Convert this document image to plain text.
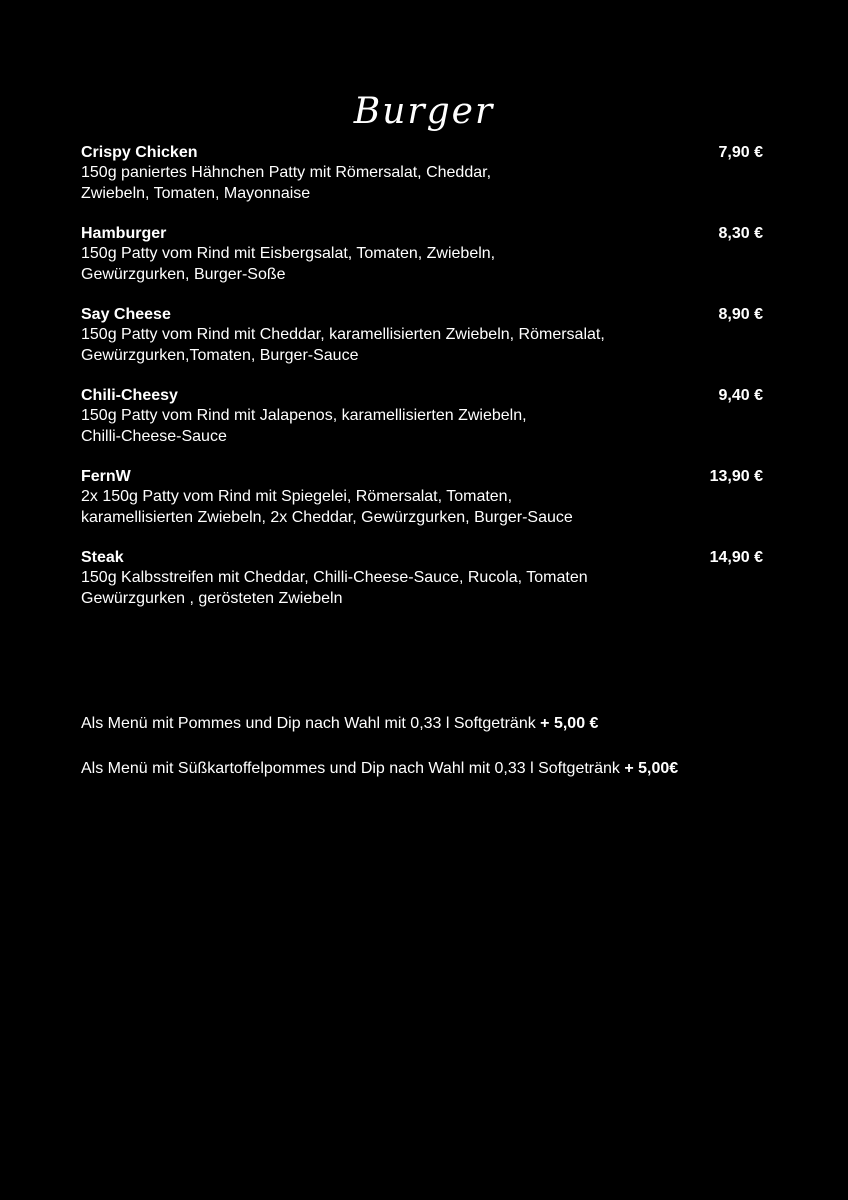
Burger
Crispy Chicken	7,90 €
150g paniertes Hähnchen Patty mit Römersalat, Cheddar,
Zwiebeln, Tomaten, Mayonnaise
Hamburger	8,30 €
150g Patty vom Rind mit Eisbergsalat, Tomaten, Zwiebeln,
Gewürzgurken, Burger-Soße
Say Cheese	8,90 €
150g Patty vom Rind mit Cheddar, karamellisierten Zwiebeln, Römersalat,
Gewürzgurken,Tomaten, Burger-Sauce
Chili-Cheesy	9,40 €
150g Patty vom Rind mit Jalapenos, karamellisierten Zwiebeln,
Chilli-Cheese-Sauce
FernW	13,90 €
2x 150g Patty vom Rind mit Spiegelei, Römersalat, Tomaten,
karamellisierten Zwiebeln, 2x Cheddar, Gewürzgurken, Burger-Sauce
Steak	14,90 €
150g Kalbsstreifen mit Cheddar, Chilli-Cheese-Sauce, Rucola, Tomaten
Gewürzgurken , gerösteten Zwiebeln
Als Menü mit Pommes und Dip nach Wahl mit 0,33 l Softgetränk + 5,00 €
Als Menü mit Süßkartoffelpommes und Dip nach Wahl mit 0,33 l Softgetränk + 5,00€
